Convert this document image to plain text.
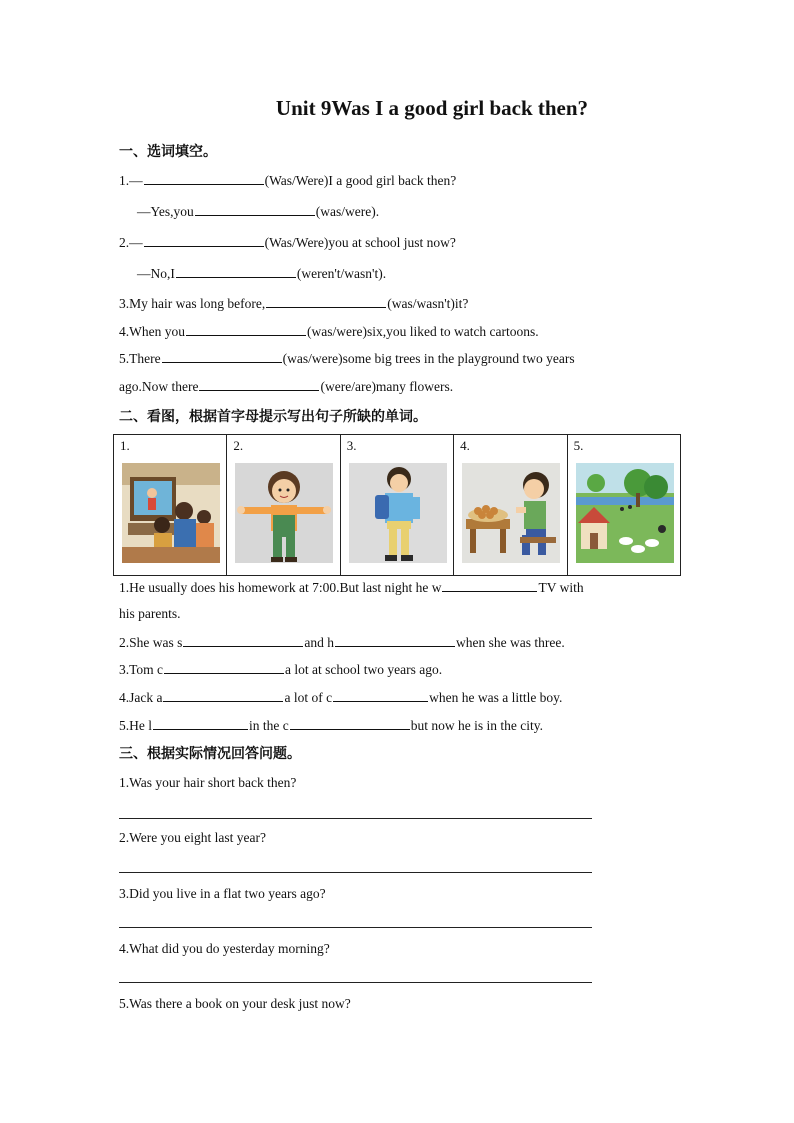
Unit 9Was I a good girl back then?
一、选词填空。
1.—	(Was/Were)I a good girl back then?
—Yes,you	(was/were).
2.—	(Was/Were)you at school just now?
—No,I	(weren't/wasn't).
3.My hair was long before,	(was/wasn't)it?
4.When you	(was/were)six,you liked to watch cartoons.
5.There	(was/were)some big trees in the playground two years
ago.Now there	(were/are)many flowers.
二、看图，根据首字母提示写出句子所缺的单词。
1.	2.	3.	4.	5.
1.He usually does his homework at 7:00.But last night he w	TV with
his parents.
2.She was s	and h	when she was three.
3.Tom c	a lot at school two years ago.
4.Jack a	a lot of c	when he was a little boy.
5.He l	in the c	but now he is in the city.
三、根据实际情况回答问题。
1.Was your hair short back then?
2.Were you eight last year?
3.Did you live in a flat two years ago?
4.What did you do yesterday morning?
5.Was there a book on your desk just now?
